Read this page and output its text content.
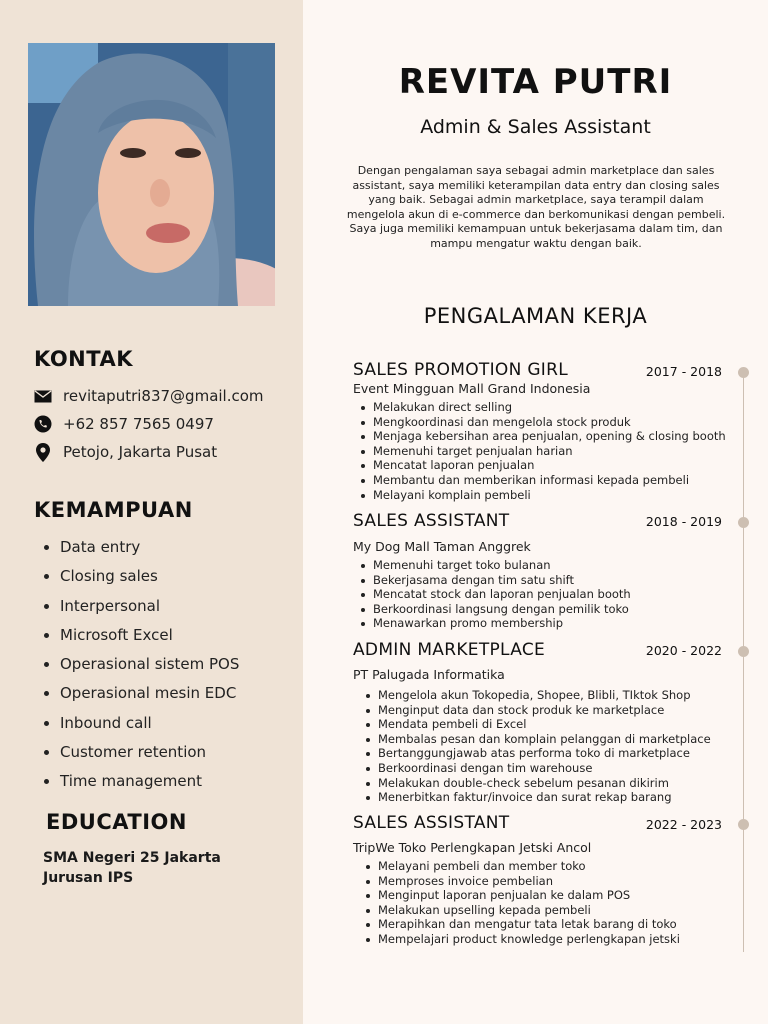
KONTAK
revitaputri837@gmail.com
+62 857 7565 0497
Petojo, Jakarta Pusat
KEMAMPUAN
Data entry
Closing sales
Interpersonal
Microsoft Excel
Operasional sistem POS
Operasional mesin EDC
Inbound call
Customer retention
Time management
EDUCATION
SMA Negeri 25 Jakarta
Jurusan IPS
REVITA PUTRI
Admin & Sales Assistant
Dengan pengalaman saya sebagai admin marketplace dan sales assistant, saya memiliki keterampilan data entry dan closing sales yang baik. Sebagai admin marketplace, saya terampil dalam mengelola akun di e-commerce dan berkomunikasi dengan pembeli. Saya juga memiliki kemampuan untuk bekerjasama dalam tim, dan mampu mengatur waktu dengan baik.
PENGALAMAN KERJA
SALES PROMOTION GIRL	2017 - 2018
Event Mingguan Mall Grand Indonesia
Melakukan direct selling
Mengkoordinasi dan mengelola stock produk
Menjaga kebersihan area penjualan, opening & closing booth
Memenuhi target penjualan harian
Mencatat laporan penjualan
Membantu dan memberikan informasi kepada pembeli
Melayani komplain pembeli
SALES ASSISTANT	2018 - 2019
My Dog Mall Taman Anggrek
Memenuhi target toko bulanan
Bekerjasama dengan tim satu shift
Mencatat stock dan laporan penjualan booth
Berkoordinasi langsung dengan pemilik toko
Menawarkan promo membership
ADMIN MARKETPLACE	2020 - 2022
PT Palugada Informatika
Mengelola akun Tokopedia, Shopee, Blibli, TIktok Shop
Menginput data dan stock produk ke marketplace
Mendata pembeli di Excel
Membalas pesan dan komplain pelanggan di marketplace
Bertanggungjawab atas performa toko di marketplace
Berkoordinasi dengan tim warehouse
Melakukan double-check sebelum pesanan dikirim
Menerbitkan faktur/invoice dan surat rekap barang
SALES ASSISTANT	2022 - 2023
TripWe Toko Perlengkapan Jetski Ancol
Melayani pembeli dan member toko
Memproses invoice pembelian
Menginput laporan penjualan ke dalam POS
Melakukan upselling kepada pembeli
Merapihkan dan mengatur tata letak barang di toko
Mempelajari product knowledge perlengkapan jetski
